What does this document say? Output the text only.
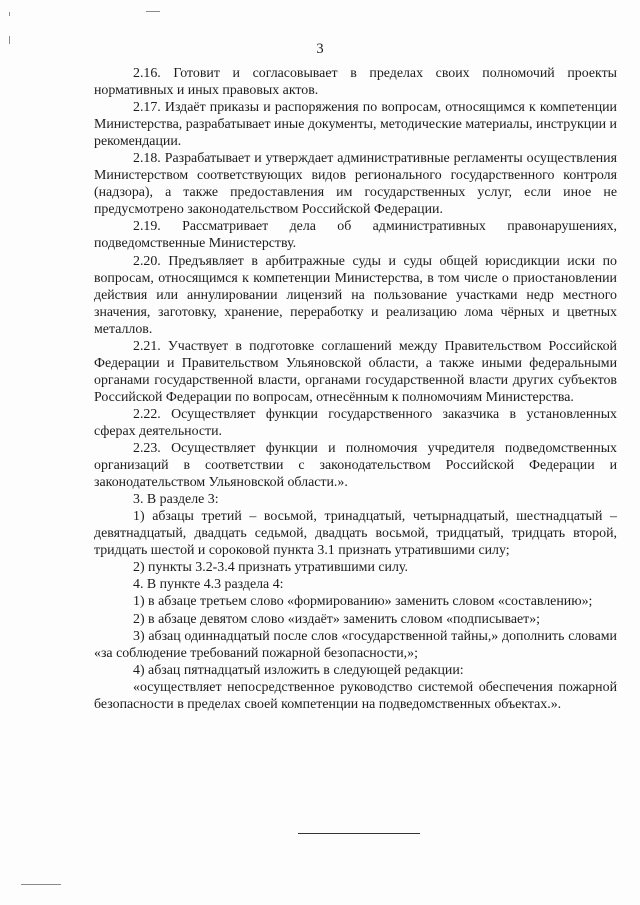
3

2.16. Готовит и согласовывает в пределах своих полномочий проекты нормативных и иных правовых актов.

2.17. Издаёт приказы и распоряжения по вопросам, относящимся к компетенции Министерства, разрабатывает иные документы, методические материалы, инструкции и рекомендации.

2.18. Разрабатывает и утверждает административные регламенты осуществления Министерством соответствующих видов регионального государственного контроля (надзора), а также предоставления им государственных услуг, если иное не предусмотрено законодательством Российской Федерации.

2.19. Рассматривает дела об административных правонарушениях, подведомственные Министерству.

2.20. Предъявляет в арбитражные суды и суды общей юрисдикции иски по вопросам, относящимся к компетенции Министерства, в том числе о приостановлении действия или аннулировании лицензий на пользование участками недр местного значения, заготовку, хранение, переработку и реализацию лома чёрных и цветных металлов.

2.21. Участвует в подготовке соглашений между Правительством Российской Федерации и Правительством Ульяновской области, а также иными федеральными органами государственной власти, органами государственной власти других субъектов Российской Федерации по вопросам, отнесённым к полномочиям Министерства.

2.22. Осуществляет функции государственного заказчика в установленных сферах деятельности.

2.23. Осуществляет функции и полномочия учредителя подведомственных организаций в соответствии с законодательством Российской Федерации и законодательством Ульяновской области.».

3. В разделе 3:

1) абзацы третий – восьмой, тринадцатый, четырнадцатый, шестнадцатый – девятнадцатый, двадцать седьмой, двадцать восьмой, тридцатый, тридцать второй, тридцать шестой и сороковой пункта 3.1 признать утратившими силу;

2) пункты 3.2-3.4 признать утратившими силу.

4. В пункте 4.3 раздела 4:

1) в абзаце третьем слово «формированию» заменить словом «составлению»;

2) в абзаце девятом слово «издаёт» заменить словом «подписывает»;

3) абзац одиннадцатый после слов «государственной тайны,» дополнить словами «за соблюдение требований пожарной безопасности,»;

4) абзац пятнадцатый изложить в следующей редакции:

«осуществляет непосредственное руководство системой обеспечения пожарной безопасности в пределах своей компетенции на подведомственных объектах.».
